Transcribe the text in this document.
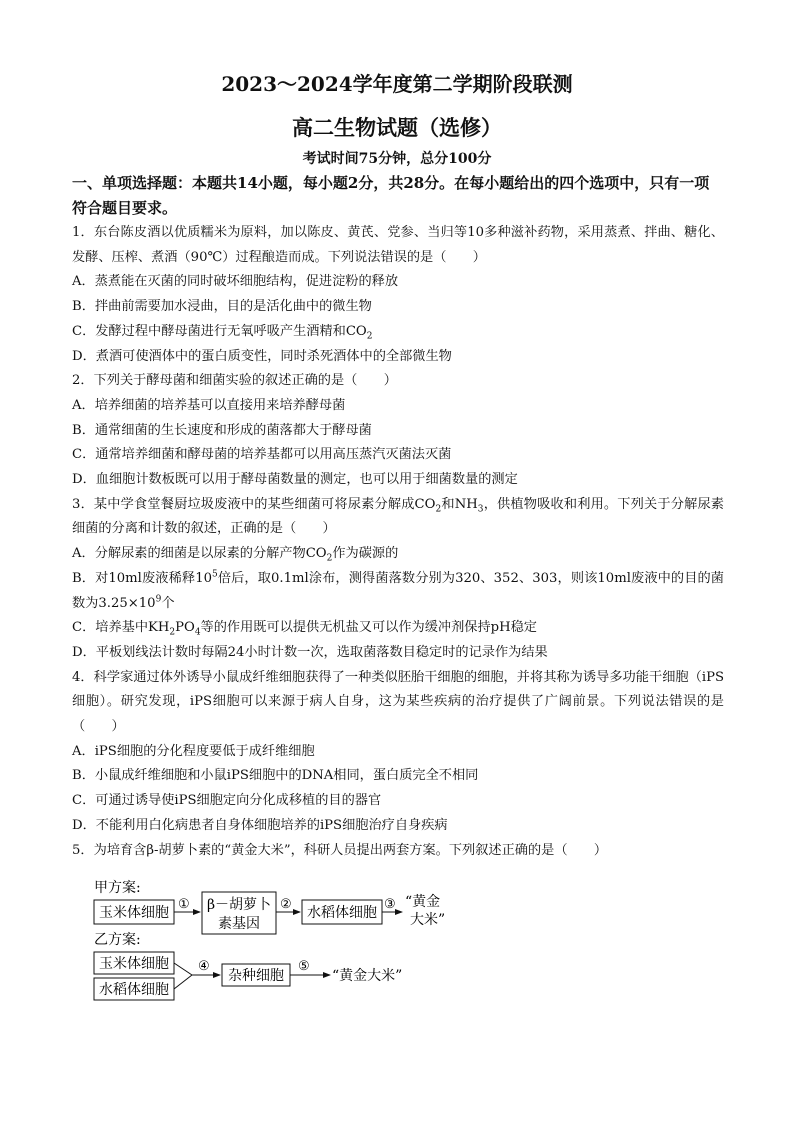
2023～2024学年度第二学期阶段联测
高二生物试题（选修）
考试时间75分钟，总分100分
一、单项选择题：本题共14小题，每小题2分，共28分。在每小题给出的四个选项中，只有一项符合题目要求。

1．东台陈皮酒以优质糯米为原料，加以陈皮、黄芪、党参、当归等10多种滋补药物，采用蒸煮、拌曲、糖化、发酵、压榨、煮酒（90℃）过程酿造而成。下列说法错误的是（　　）

A．蒸煮能在灭菌的同时破坏细胞结构，促进淀粉的释放

B．拌曲前需要加水浸曲，目的是活化曲中的微生物

C．发酵过程中酵母菌进行无氧呼吸产生酒精和$CO_2$

D．煮酒可使酒体中的蛋白质变性，同时杀死酒体中的全部微生物

2．下列关于酵母菌和细菌实验的叙述正确的是（　　）

A．培养细菌的培养基可以直接用来培养酵母菌

B．通常细菌的生长速度和形成的菌落都大于酵母菌

C．通常培养细菌和酵母菌的培养基都可以用高压蒸汽灭菌法灭菌

D．血细胞计数板既可以用于酵母菌数量的测定，也可以用于细菌数量的测定

3．某中学食堂餐厨垃圾废液中的某些细菌可将尿素分解成$CO_2$和$NH_3$，供植物吸收和利用。下列关于分解尿素细菌的分离和计数的叙述，正确的是（　　）

A．分解尿素的细菌是以尿素的分解产物$CO_2$作为碳源的

B．对10ml废液稀释$10^5$倍后，取0.1ml涂布，测得菌落数分别为320、352、303，则该10ml废液中的目的菌数为$3.25\times 10^9$个

C．培养基中$KH_2PO_4$等的作用既可以提供无机盐又可以作为缓冲剂保持pH稳定

D．平板划线法计数时每隔24小时计数一次，选取菌落数目稳定时的记录作为结果

4．科学家通过体外诱导小鼠成纤维细胞获得了一种类似胚胎干细胞的细胞，并将其称为诱导多功能干细胞（iPS细胞）。研究发现，iPS细胞可以来源于病人自身，这为某些疾病的治疗提供了广阔前景。下列说法错误的是（　　）

A．iPS细胞的分化程度要低于成纤维细胞

B．小鼠成纤维细胞和小鼠iPS细胞中的DNA相同，蛋白质完全不相同

C．可通过诱导使iPS细胞定向分化成移植的目的器官

D．不能利用白化病患者自身体细胞培养的iPS细胞治疗自身疾病

5．为培育含β-胡萝卜素的“黄金大米”，科研人员提出两套方案。下列叙述正确的是（　　）

甲方案:
玉米体细胞
① β－胡萝卜
素基因
②
水稻体细胞
③ “黄金
大米”
乙方案:
玉米体细胞
水稻体细胞
④
杂种细胞
⑤
“黄金大米”
